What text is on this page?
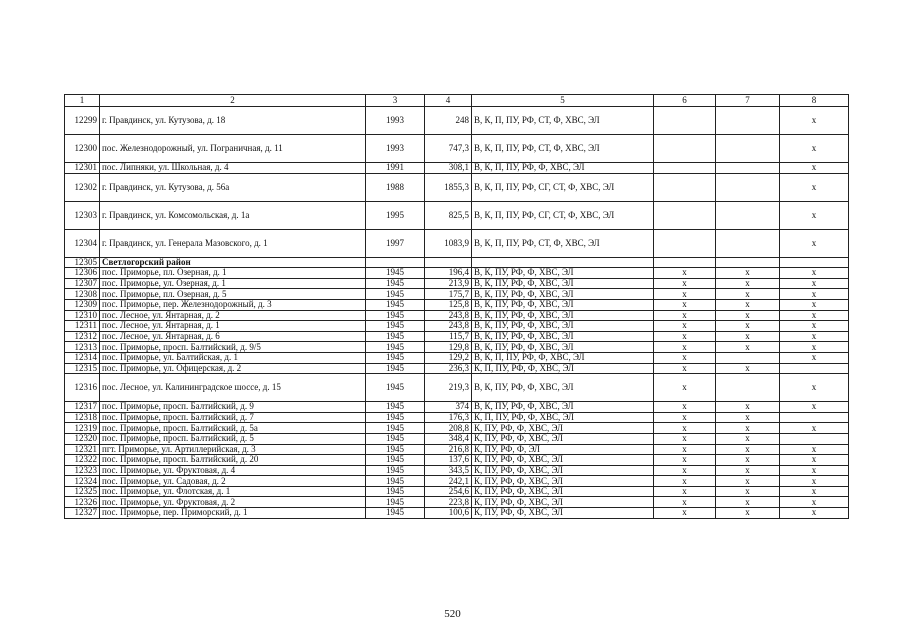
1	2	3	4	5	6	7	8
12299	г. Правдинск, ул. Кутузова, д. 18	1993	248	В, К, П, ПУ, РФ, СТ, Ф, ХВС, ЭЛ			х
12300	пос. Железнодорожный, ул. Пограничная, д. 11	1993	747,3	В, К, П, ПУ, РФ, СТ, Ф, ХВС, ЭЛ			х
12301	пос. Липняки, ул. Школьная, д. 4	1991	308,1	В, К, П, ПУ, РФ, Ф, ХВС, ЭЛ			х
12302	г. Правдинск, ул. Кутузова, д. 56а	1988	1855,3	В, К, П, ПУ, РФ, СГ, СТ, Ф, ХВС, ЭЛ			х
12303	г. Правдинск, ул. Комсомольская, д. 1а	1995	825,5	В, К, П, ПУ, РФ, СГ, СТ, Ф, ХВС, ЭЛ			х
12304	г. Правдинск, ул. Генерала Мазовского, д. 1	1997	1083,9	В, К, П, ПУ, РФ, СТ, Ф, ХВС, ЭЛ			х
12305	Светлогорский район						
12306	пос. Приморье, пл. Озерная, д. 1	1945	196,4	В, К, ПУ, РФ, Ф, ХВС, ЭЛ	х	х	х
12307	пос. Приморье, ул. Озерная, д. 1	1945	213,9	В, К, ПУ, РФ, Ф, ХВС, ЭЛ	х	х	х
12308	пос. Приморье, пл. Озерная, д. 5	1945	175,7	В, К, ПУ, РФ, Ф, ХВС, ЭЛ	х	х	х
12309	пос. Приморье, пер. Железнодорожный, д. 3	1945	125,8	В, К, ПУ, РФ, Ф, ХВС, ЭЛ	х	х	х
12310	пос. Лесное, ул. Янтарная, д. 2	1945	243,8	В, К, ПУ, РФ, Ф, ХВС, ЭЛ	х	х	х
12311	пос. Лесное, ул. Янтарная, д. 1	1945	243,8	В, К, ПУ, РФ, Ф, ХВС, ЭЛ	х	х	х
12312	пос. Лесное, ул. Янтарная, д. 6	1945	115,7	В, К, ПУ, РФ, Ф, ХВС, ЭЛ	х	х	х
12313	пос. Приморье, просп. Балтийский, д. 9/5	1945	129,8	В, К, ПУ, РФ, Ф, ХВС, ЭЛ	х	х	х
12314	пос. Приморье, ул. Балтийская, д. 1	1945	129,2	В, К, П, ПУ, РФ, Ф, ХВС, ЭЛ	х		х
12315	пос. Приморье, ул. Офицерская, д. 2	1945	236,3	К, П, ПУ, РФ, Ф, ХВС, ЭЛ	х	х	
12316	пос. Лесное, ул. Калининградское шоссе, д. 15	1945	219,3	В, К, ПУ, РФ, Ф, ХВС, ЭЛ	х		х
12317	пос. Приморье, просп. Балтийский, д. 9	1945	374	В, К, ПУ, РФ, Ф, ХВС, ЭЛ	х	х	х
12318	пос. Приморье, просп. Балтийский, д. 7	1945	176,3	К, П, ПУ, РФ, Ф, ХВС, ЭЛ	х	х	
12319	пос. Приморье, просп. Балтийский, д. 5а	1945	208,8	К, ПУ, РФ, Ф, ХВС, ЭЛ	х	х	х
12320	пос. Приморье, просп. Балтийский, д. 5	1945	348,4	К, ПУ, РФ, Ф, ХВС, ЭЛ	х	х	
12321	пгт. Приморье, ул. Артиллерийская, д. 3	1945	216,8	К, ПУ, РФ, Ф, ЭЛ	х	х	х
12322	пос. Приморье, просп. Балтийский, д. 20	1945	137,6	К, ПУ, РФ, Ф, ХВС, ЭЛ	х	х	х
12323	пос. Приморье, ул. Фруктовая, д. 4	1945	343,5	К, ПУ, РФ, Ф, ХВС, ЭЛ	х	х	х
12324	пос. Приморье, ул. Садовая, д. 2	1945	242,1	К, ПУ, РФ, Ф, ХВС, ЭЛ	х	х	х
12325	пос. Приморье, ул. Флотская, д. 1	1945	254,6	К, ПУ, РФ, Ф, ХВС, ЭЛ	х	х	х
12326	пос. Приморье, ул. Фруктовая, д. 2	1945	223,8	К, ПУ, РФ, Ф, ХВС, ЭЛ	х	х	х
12327	пос. Приморье, пер. Приморский, д. 1	1945	100,6	К, ПУ, РФ, Ф, ХВС, ЭЛ	х	х	х
520
